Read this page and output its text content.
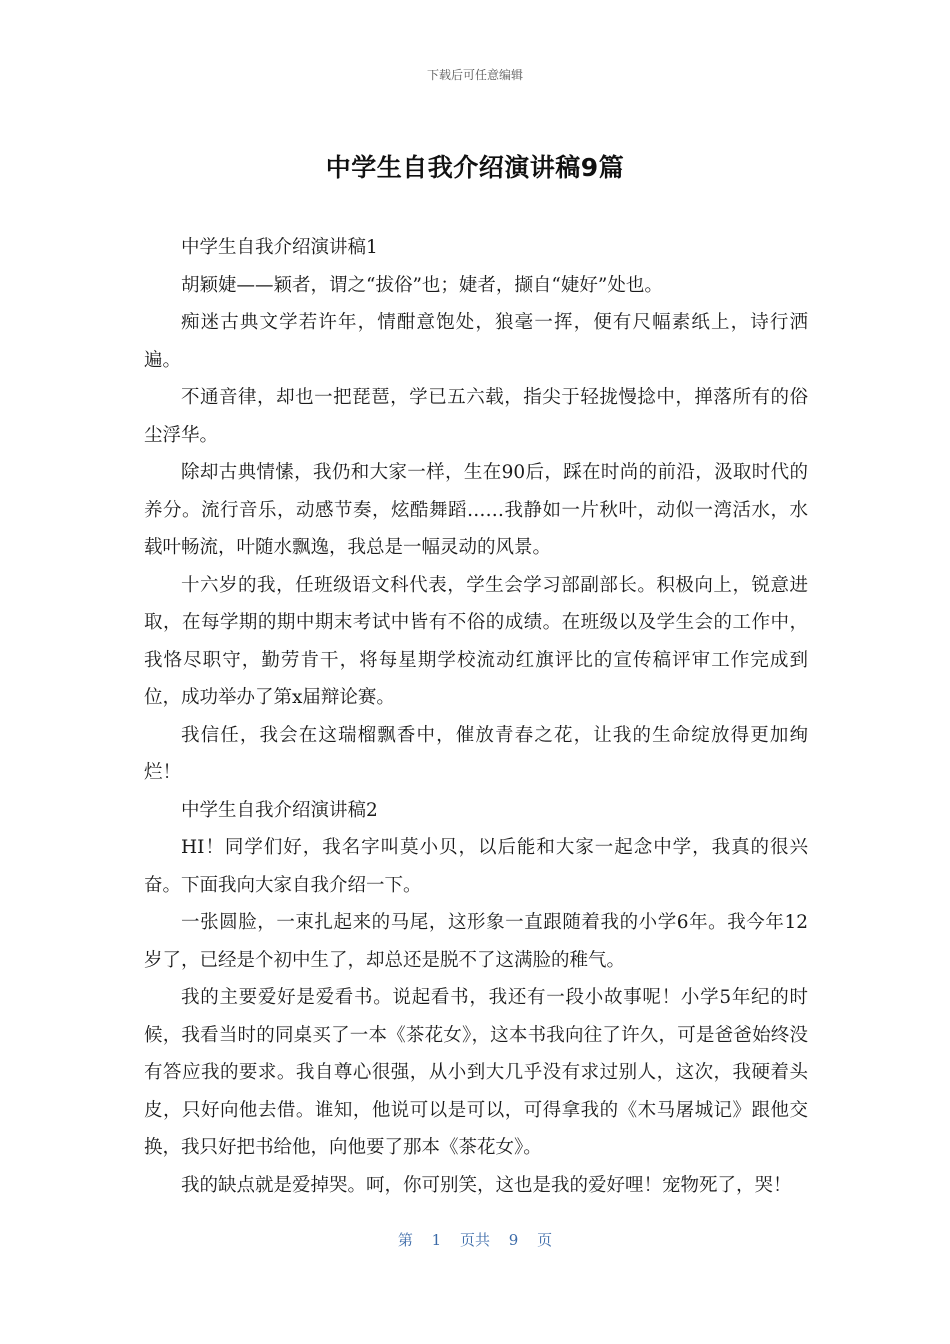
下载后可任意编辑
中学生自我介绍演讲稿9篇

中学生自我介绍演讲稿1

胡颖婕——颖者，谓之“拔俗”也；婕者，撷自“婕好”处也。

痴迷古典文学若许年，情酣意饱处，狼毫一挥，便有尺幅素纸上，诗行洒遍。

不通音律，却也一把琵琶，学已五六载，指尖于轻拢慢捻中，掸落所有的俗尘浮华。

除却古典情愫，我仍和大家一样，生在90后，踩在时尚的前沿，汲取时代的养分。流行音乐，动感节奏，炫酷舞蹈……我静如一片秋叶，动似一湾活水，水载叶畅流，叶随水飘逸，我总是一幅灵动的风景。

十六岁的我，任班级语文科代表，学生会学习部副部长。积极向上，锐意进取，在每学期的期中期末考试中皆有不俗的成绩。在班级以及学生会的工作中，我恪尽职守，勤劳肯干，将每星期学校流动红旗评比的宣传稿评审工作完成到位，成功举办了第x届辩论赛。

我信任，我会在这瑞榴飘香中，催放青春之花，让我的生命绽放得更加绚烂！

中学生自我介绍演讲稿2

HI！同学们好，我名字叫莫小贝，以后能和大家一起念中学，我真的很兴奋。下面我向大家自我介绍一下。

一张圆脸，一束扎起来的马尾，这形象一直跟随着我的小学6年。我今年12岁了，已经是个初中生了，却总还是脱不了这满脸的稚气。

我的主要爱好是爱看书。说起看书，我还有一段小故事呢！小学5年纪的时候，我看当时的同桌买了一本《茶花女》，这本书我向往了许久，可是爸爸始终没有答应我的要求。我自尊心很强，从小到大几乎没有求过别人，这次，我硬着头皮，只好向他去借。谁知，他说可以是可以，可得拿我的《木马屠城记》跟他交换，我只好把书给他，向他要了那本《茶花女》。

我的缺点就是爱掉哭。呵，你可别笑，这也是我的爱好哩！宠物死了，哭！

第 1 页共 9 页
